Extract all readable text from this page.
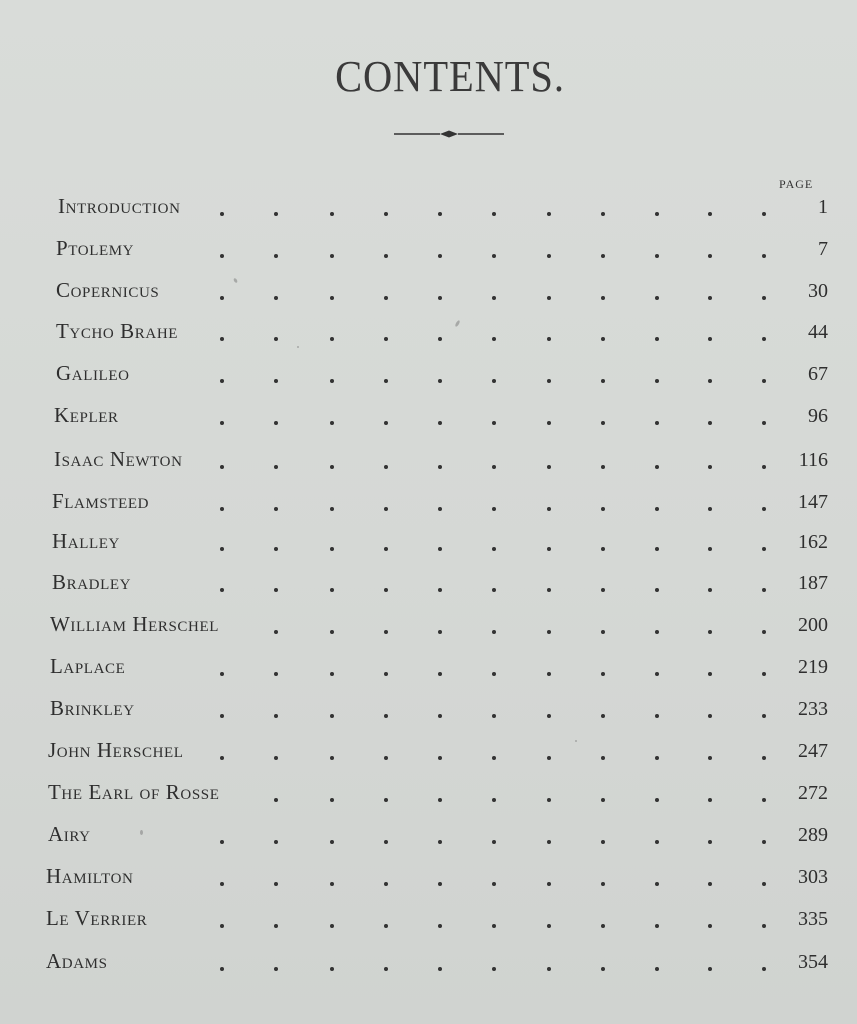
CONTENTS.
PAGE
Introduction	1
Ptolemy	7
Copernicus	30
Tycho Brahe	44
Galileo	67
Kepler	96
Isaac Newton	116
Flamsteed	147
Halley	162
Bradley	187
William Herschel	200
Laplace	219
Brinkley	233
John Herschel	247
The Earl of Rosse	272
Airy	289
Hamilton	303
Le Verrier	335
Adams	354
